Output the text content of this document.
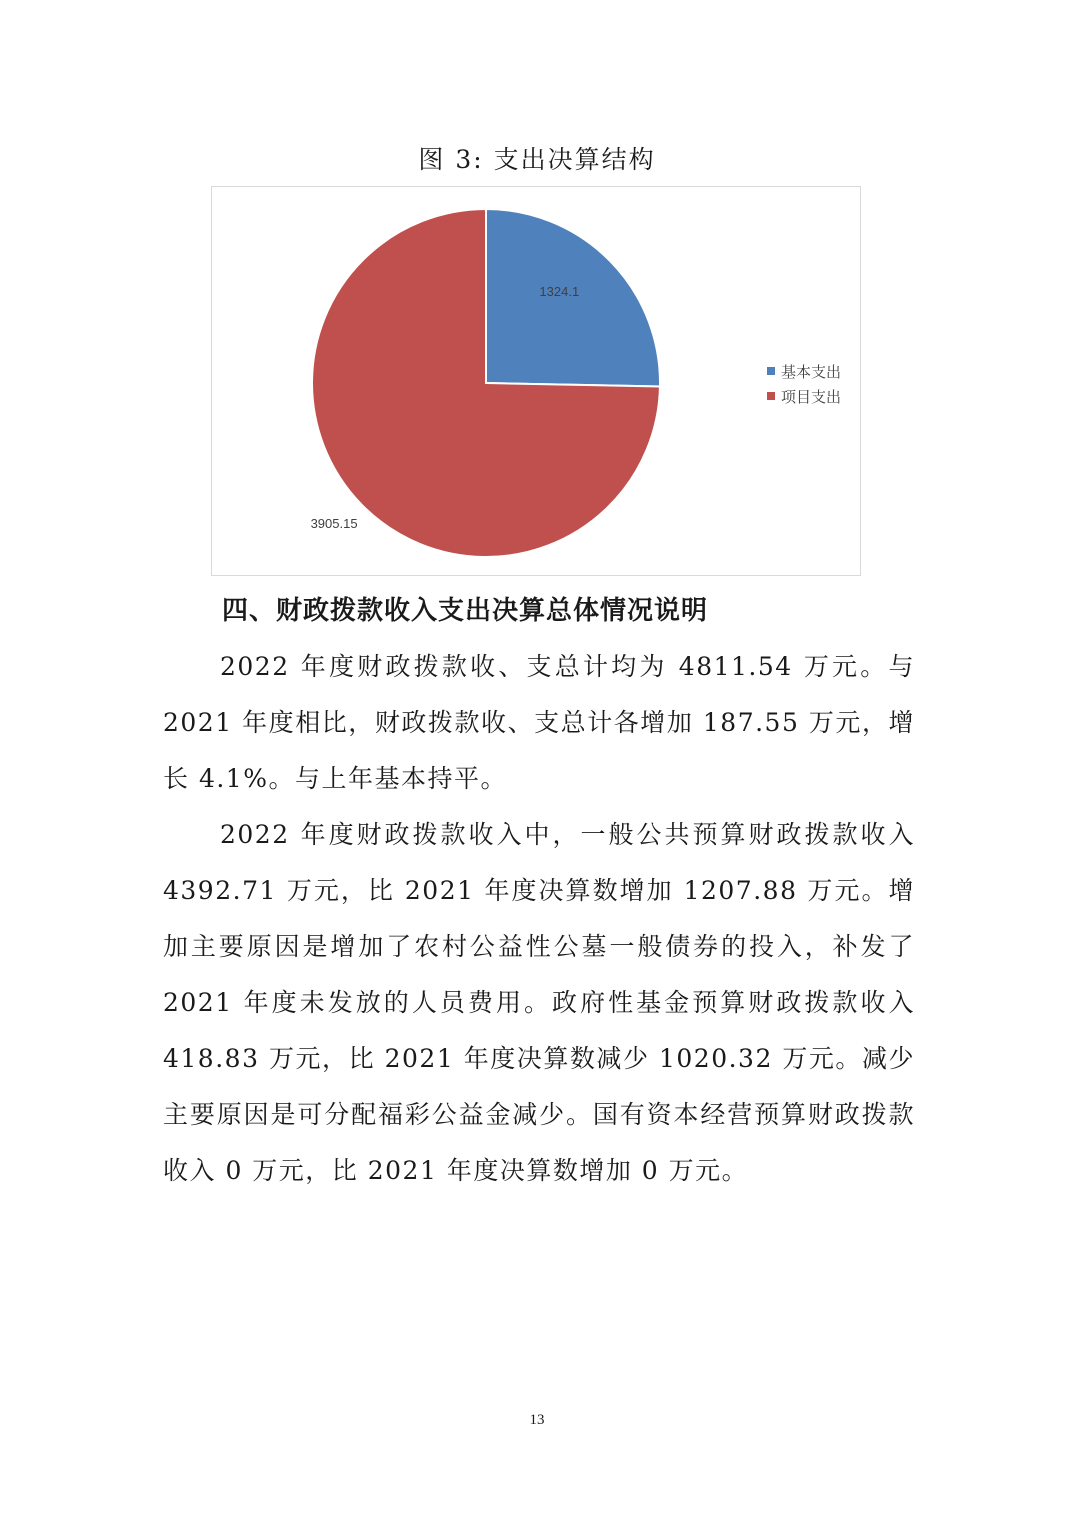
图 3: 支出决算结构
1324.1
3905.15
基本支出
项目支出
四、财政拨款收入支出决算总体情况说明

2022 年度财政拨款收、支总计均为 4811.54 万元。与 2021 年度相比，财政拨款收、支总计各增加 187.55 万元，增长 4.1%。与上年基本持平。

2022 年度财政拨款收入中，一般公共预算财政拨款收入 4392.71 万元，比 2021 年度决算数增加 1207.88 万元。增加主要原因是增加了农村公益性公墓一般债券的投入，补发了 2021 年度未发放的人员费用。政府性基金预算财政拨款收入 418.83 万元，比 2021 年度决算数减少 1020.32 万元。减少主要原因是可分配福彩公益金减少。国有资本经营预算财政拨款收入 0 万元，比 2021 年度决算数增加 0 万元。

13
